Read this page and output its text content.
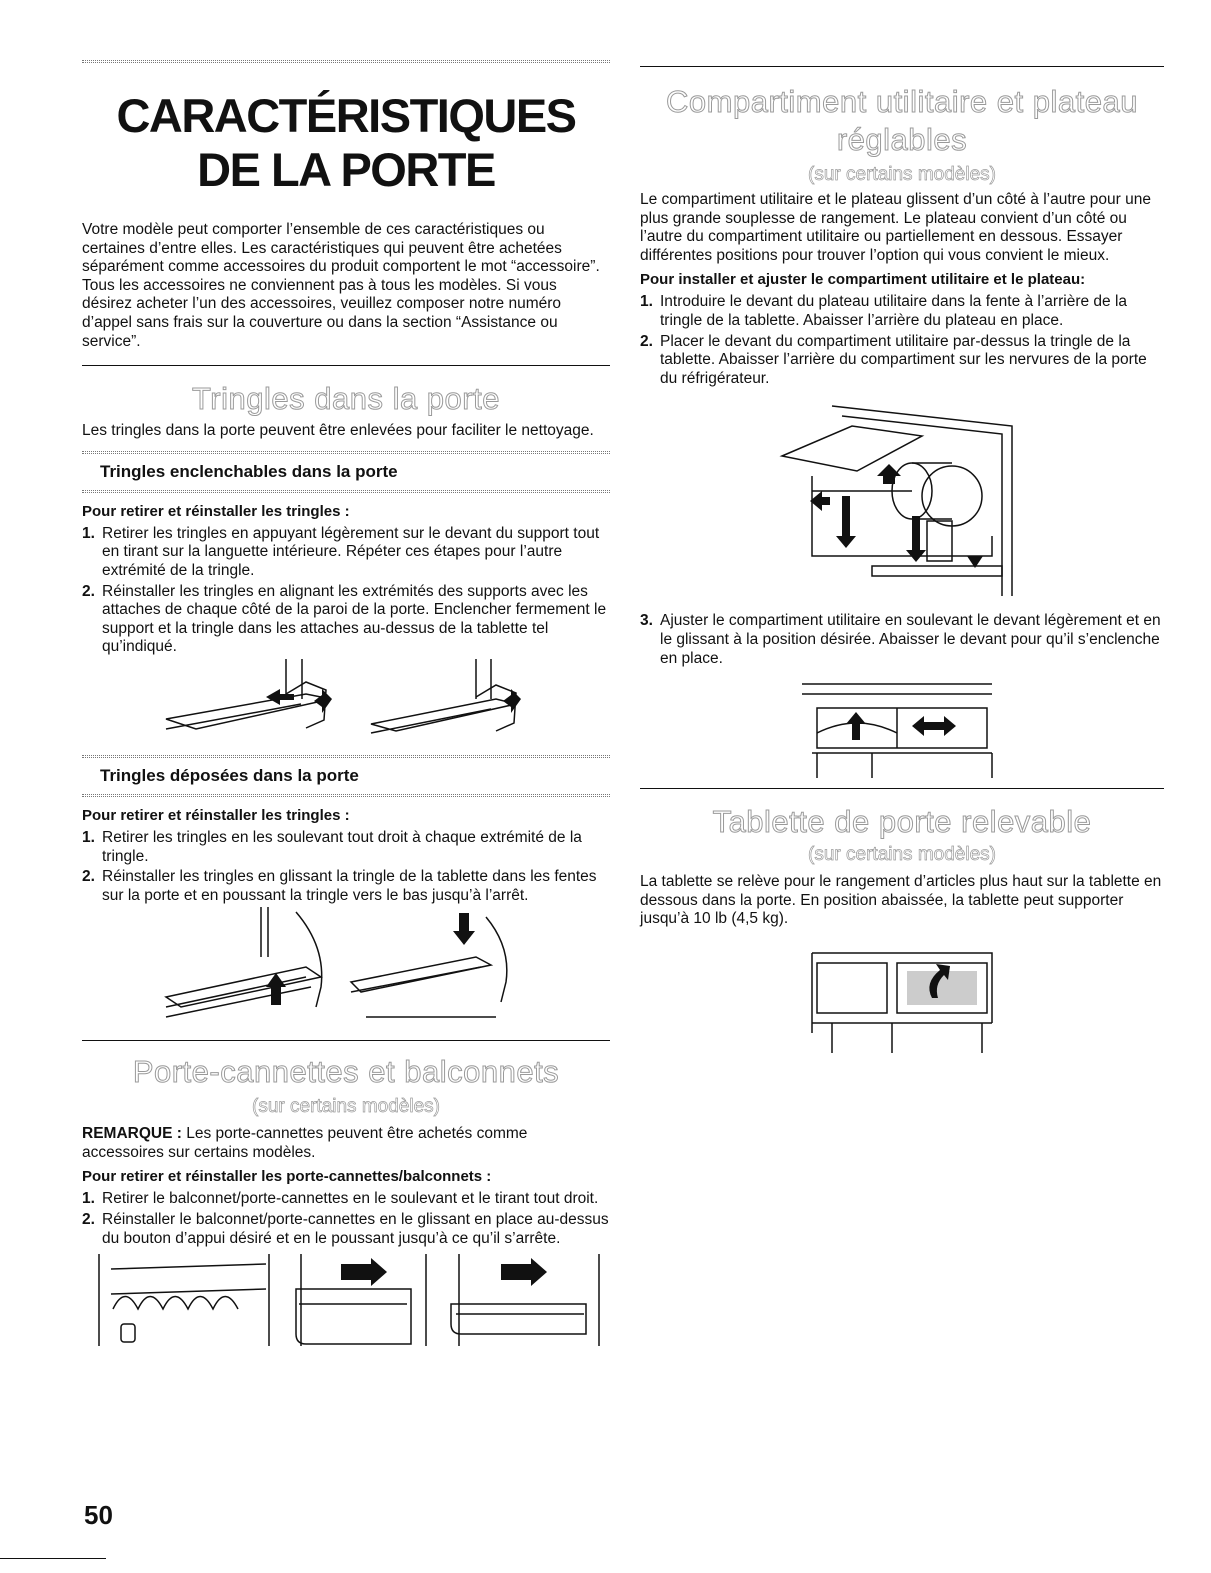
CARACTÉRISTIQUES
DE LA PORTE

Votre modèle peut comporter l’ensemble de ces caractéristiques ou certaines d’entre elles. Les caractéristiques qui peuvent être achetées séparément comme accessoires du produit comportent le mot “accessoire”. Tous les accessoires ne conviennent pas à tous les modèles. Si vous désirez acheter l’un des accessoires, veuillez composer notre numéro d’appel sans frais sur la couverture ou dans la section “Assistance ou service”.

Tringles dans la porte

Les tringles dans la porte peuvent être enlevées pour faciliter le nettoyage.

Tringles enclenchables dans la porte

Pour retirer et réinstaller les tringles :

1. Retirer les tringles en appuyant légèrement sur le devant du support tout en tirant sur la languette intérieure. Répéter ces étapes pour l’autre extrémité de la tringle.
2. Réinstaller les tringles en alignant les extrémités des supports avec les attaches de chaque côté de la paroi de la porte. Enclencher fermement le support et la tringle dans les attaches au-dessus de la tablette tel qu’indiqué.
Tringles déposées dans la porte

Pour retirer et réinstaller les tringles :

1. Retirer les tringles en les soulevant tout droit à chaque extrémité de la tringle.
2. Réinstaller les tringles en glissant la tringle de la tablette dans les fentes sur la porte et en poussant la tringle vers le bas jusqu’à l’arrêt.
Porte-cannettes et balconnets
(sur certains modèles)

REMARQUE : Les porte-cannettes peuvent être achetés comme accessoires sur certains modèles.

Pour retirer et réinstaller les porte-cannettes/balconnets :

1. Retirer le balconnet/porte-cannettes en le soulevant et le tirant tout droit.
2. Réinstaller le balconnet/porte-cannettes en le glissant en place au-dessus du bouton d’appui désiré et en le poussant jusqu’à ce qu’il s’arrête.
Compartiment utilitaire et plateau
réglables
(sur certains modèles)

Le compartiment utilitaire et le plateau glissent d’un côté à l’autre pour une plus grande souplesse de rangement. Le plateau convient d’un côté ou l’autre du compartiment utilitaire ou partiellement en dessous. Essayer différentes positions pour trouver l’option qui vous convient le mieux.

Pour installer et ajuster le compartiment utilitaire et le plateau:

1. Introduire le devant du plateau utilitaire dans la fente à l’arrière de la tringle de la tablette. Abaisser l’arrière du plateau en place.
2. Placer le devant du compartiment utilitaire par-dessus la tringle de la tablette. Abaisser l’arrière du compartiment sur les nervures de la porte du réfrigérateur.
3. Ajuster le compartiment utilitaire en soulevant le devant légèrement et en le glissant à la position désirée. Abaisser le devant pour qu’il s’enclenche en place.
Tablette de porte relevable
(sur certains modèles)

La tablette se relève pour le rangement d’articles plus haut sur la tablette en dessous dans la porte. En position abaissée, la tablette peut supporter jusqu’à 10 lb (4,5 kg).

50
